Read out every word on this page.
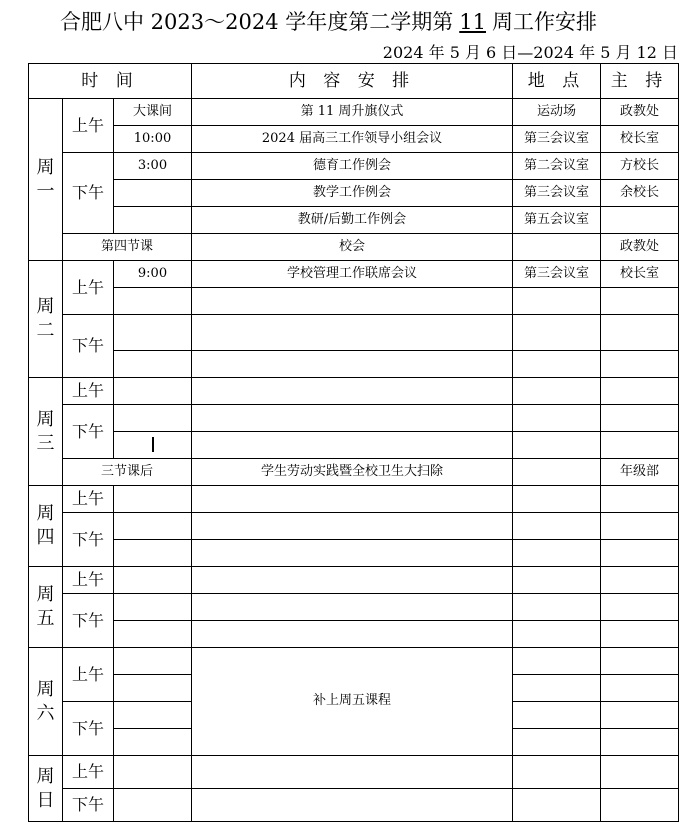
合肥八中 2023～2024 学年度第二学期第 11 周工作安排
2024 年 5 月 6 日—2024 年 5 月 12 日
时 间			内 容 安 排	地 点	主 持

周
一	上午	大课间	第 11 周升旗仪式	运动场	政教处
		10:00	2024 届高三工作领导小组会议	第三会议室	校长室
	下午	3:00	德育工作例会	第二会议室	方校长
			教学工作例会	第三会议室	余校长
			教研/后勤工作例会	第五会议室	
	第四节课		校会		政教处

周
二	上午	9:00	学校管理工作联席会议	第三会议室	校长室

	下午				

周
三	上午				
	下午				

	三节课后		学生劳动实践暨全校卫生大扫除		年级部

周
四	上午				
	下午				

周
五	上午				
	下午				

周
六	上午		补上周五课程		

	下午				

周
日	上午				
	下午				
